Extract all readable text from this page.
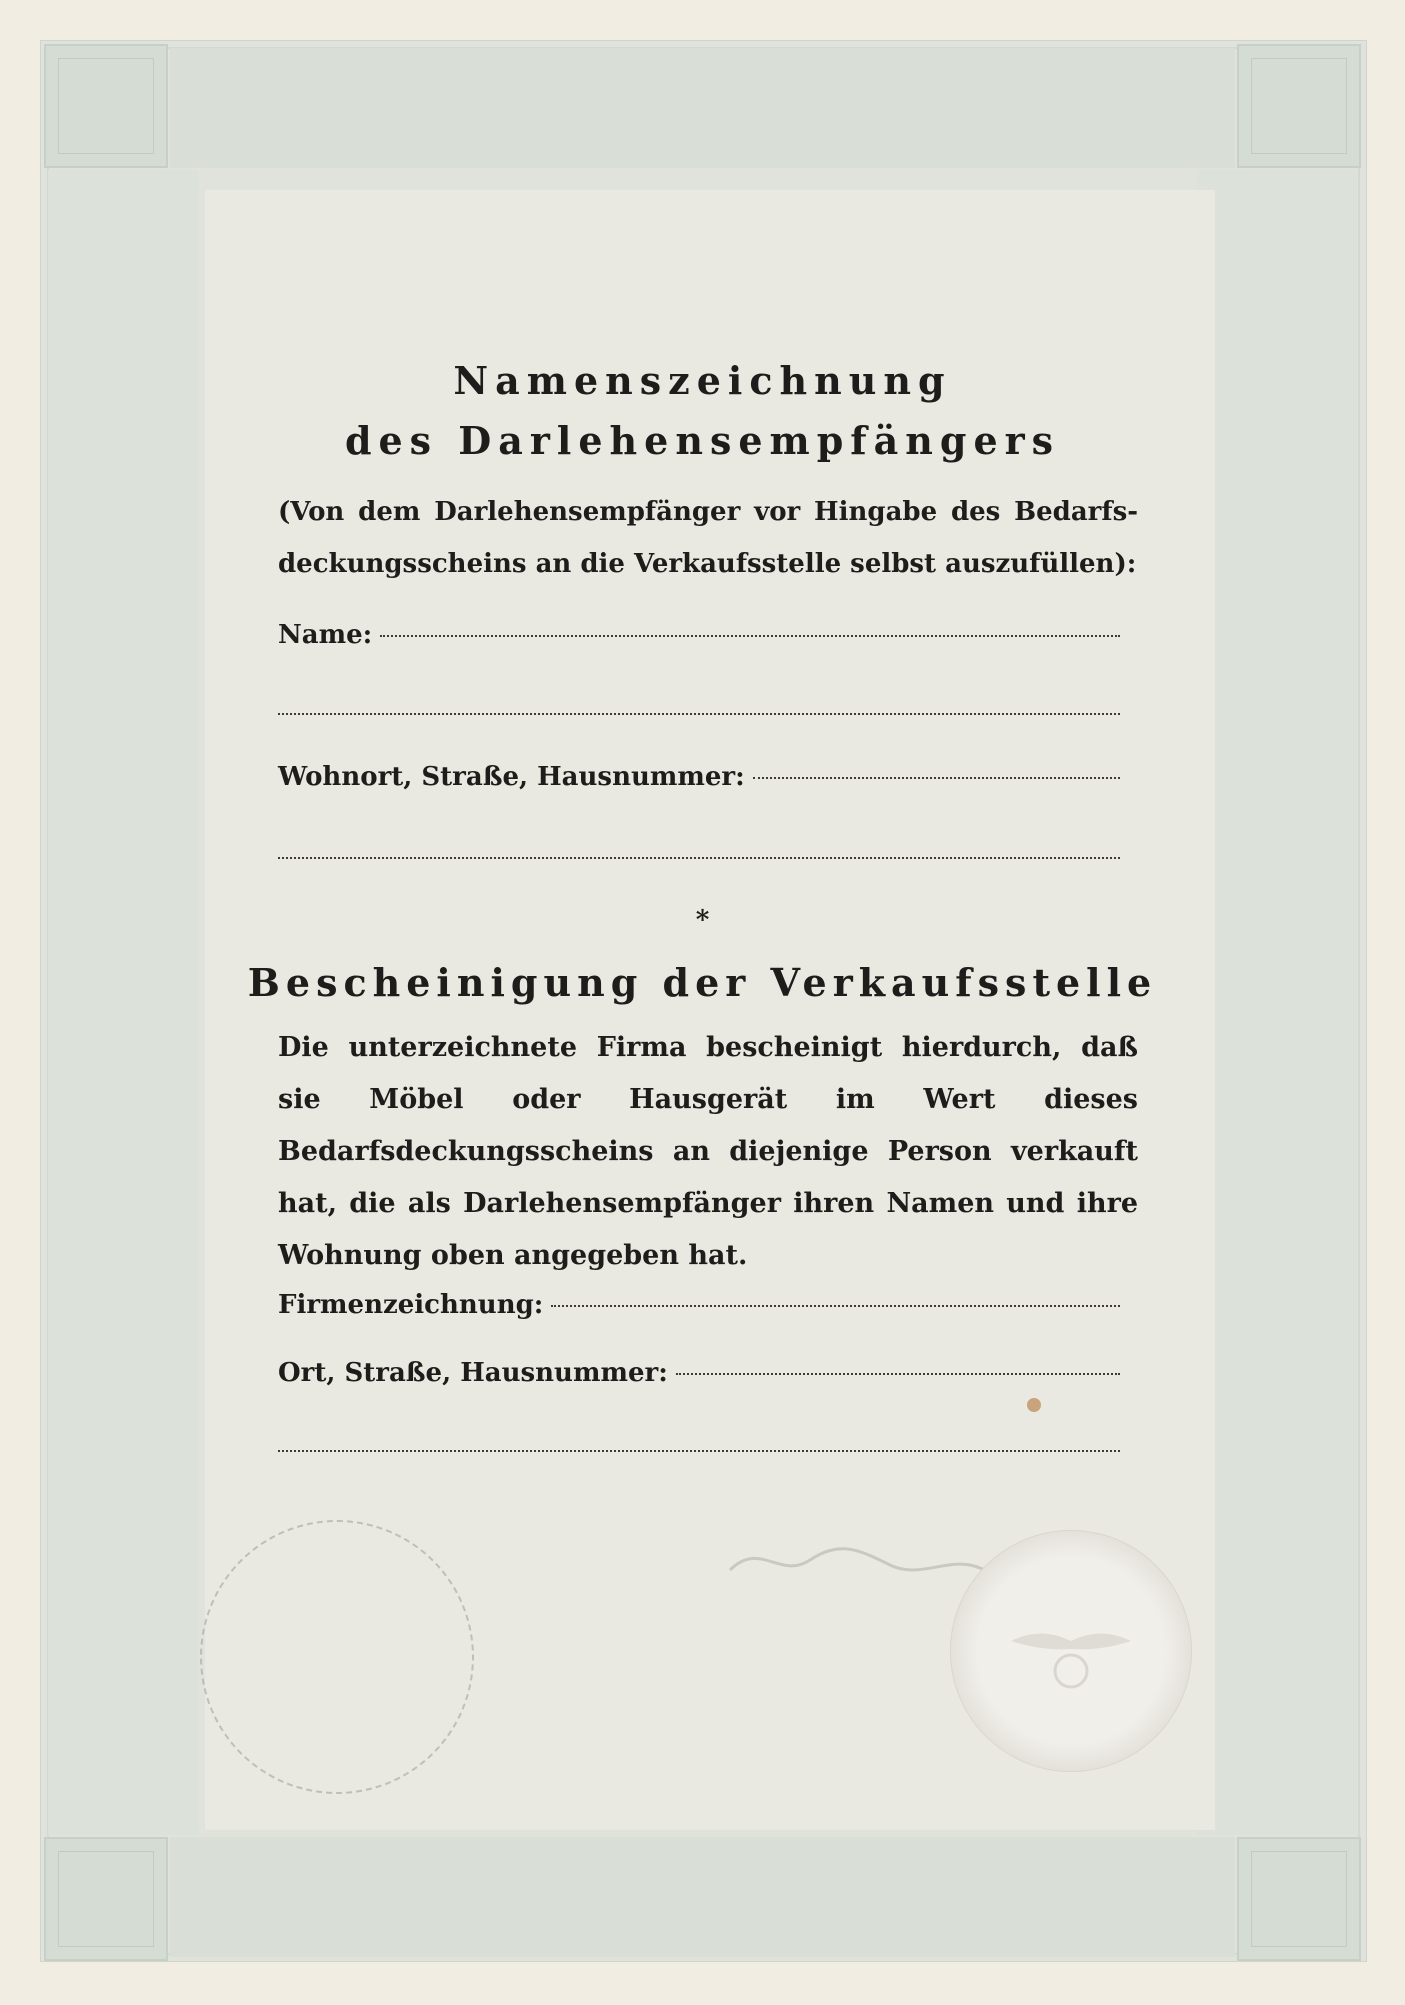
Namenszeichnung
des Darlehensempfängers
(Von dem Darlehensempfänger vor Hingabe des Bedarfs-deckungsscheins an die Verkaufsstelle selbst auszufüllen):
Name:
Wohnort, Straße, Hausnummer:
⁎
Bescheinigung der Verkaufsstelle
Die unterzeichnete Firma bescheinigt hierdurch, daß sie Möbel oder Hausgerät im Wert dieses Bedarfsdeckungsscheins an diejenige Person verkauft hat, die als Darlehensempfänger ihren Namen und ihre Wohnung oben angegeben hat.
Firmenzeichnung:
Ort, Straße, Hausnummer:
